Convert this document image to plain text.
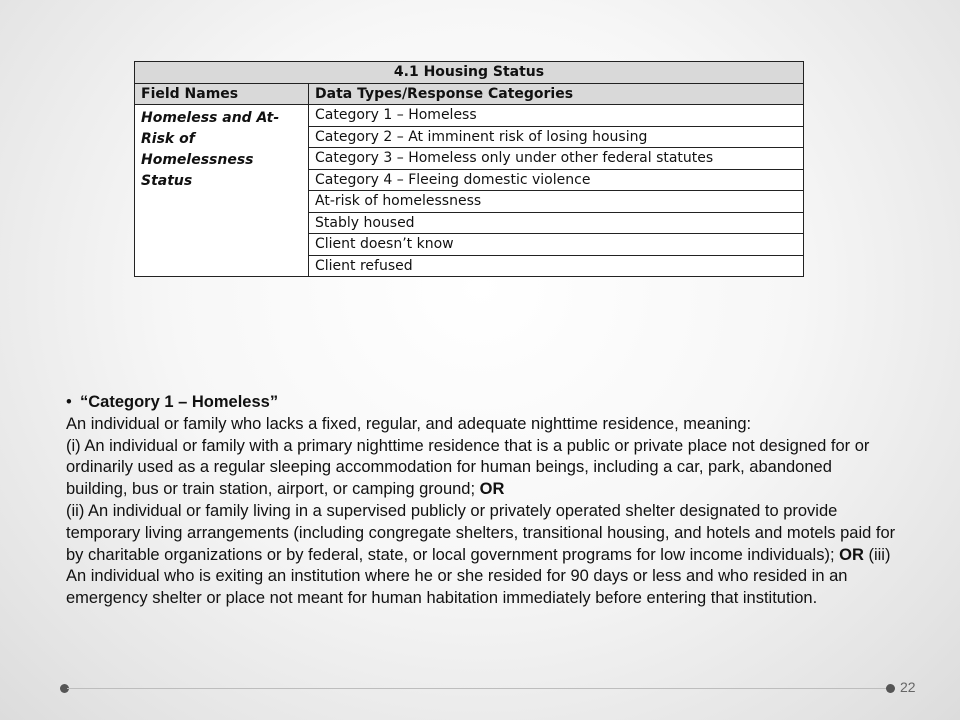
4.1 Housing Status	
Field Names	Data Types/Response Categories
Homeless and At-Risk of Homelessness Status	Category 1 – Homeless
	Category 2 – At imminent risk of losing housing
	Category 3 – Homeless only under other federal statutes
	Category 4 – Fleeing domestic violence
	At-risk of homelessness
	Stably housed
	Client doesn’t know
	Client refused

• “Category 1 – Homeless”

An individual or family who lacks a fixed, regular, and adequate nighttime residence, meaning:

(i) An individual or family with a primary nighttime residence that is a public or private place not designed for or ordinarily used as a regular sleeping accommodation for human beings, including a car, park, abandoned building, bus or train station, airport, or camping ground; OR

(ii) An individual or family living in a supervised publicly or privately operated shelter designated to provide temporary living arrangements (including congregate shelters, transitional housing, and hotels and motels paid for by charitable organizations or by federal, state, or local government programs for low income individuals); OR (iii) An individual who is exiting an institution where he or she resided for 90 days or less and who resided in an emergency shelter or place not meant for human habitation immediately before entering that institution.

22
